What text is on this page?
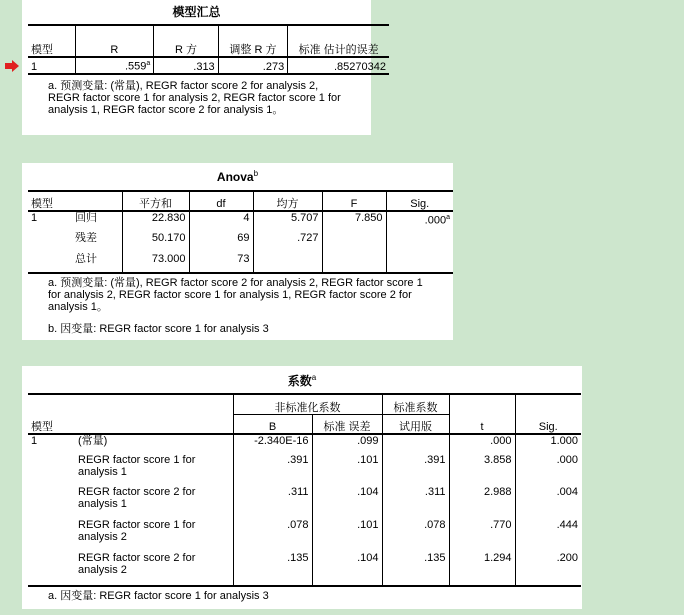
模型汇总
模型	R	R 方	调整 R 方	标准 估计的误差
1	.559$^a$	.313	.273	.85270342
a. 预测变量: (常量), REGR factor score 2 for analysis 2, REGR factor score 1 for analysis 2, REGR factor score 1 for analysis 1, REGR factor score 2 for analysis 1。
Anova$^b$
模型		平方和	df	均方	F	Sig.
1	回归	22.830	4	5.707	7.850	.000$^a$
	残差	50.170	69	.727		
	总计	73.000	73			
a. 预测变量: (常量), REGR factor score 2 for analysis 2, REGR factor score 1 for analysis 2, REGR factor score 1 for analysis 1, REGR factor score 2 for analysis 1。
b. 因变量: REGR factor score 1 for analysis 3
系数$^a$
		非标准化系数		标准系数		
模型		B	标准 误差	试用版	t	Sig.
1	(常量)	-2.340E-16	.099		.000	1.000
	REGR factor score 1 for analysis 1	.391	.101	.391	3.858	.000
	REGR factor score 2 for analysis 1	.311	.104	.311	2.988	.004
	REGR factor score 1 for analysis 2	.078	.101	.078	.770	.444
	REGR factor score 2 for analysis 2	.135	.104	.135	1.294	.200
a. 因变量: REGR factor score 1 for analysis 3
